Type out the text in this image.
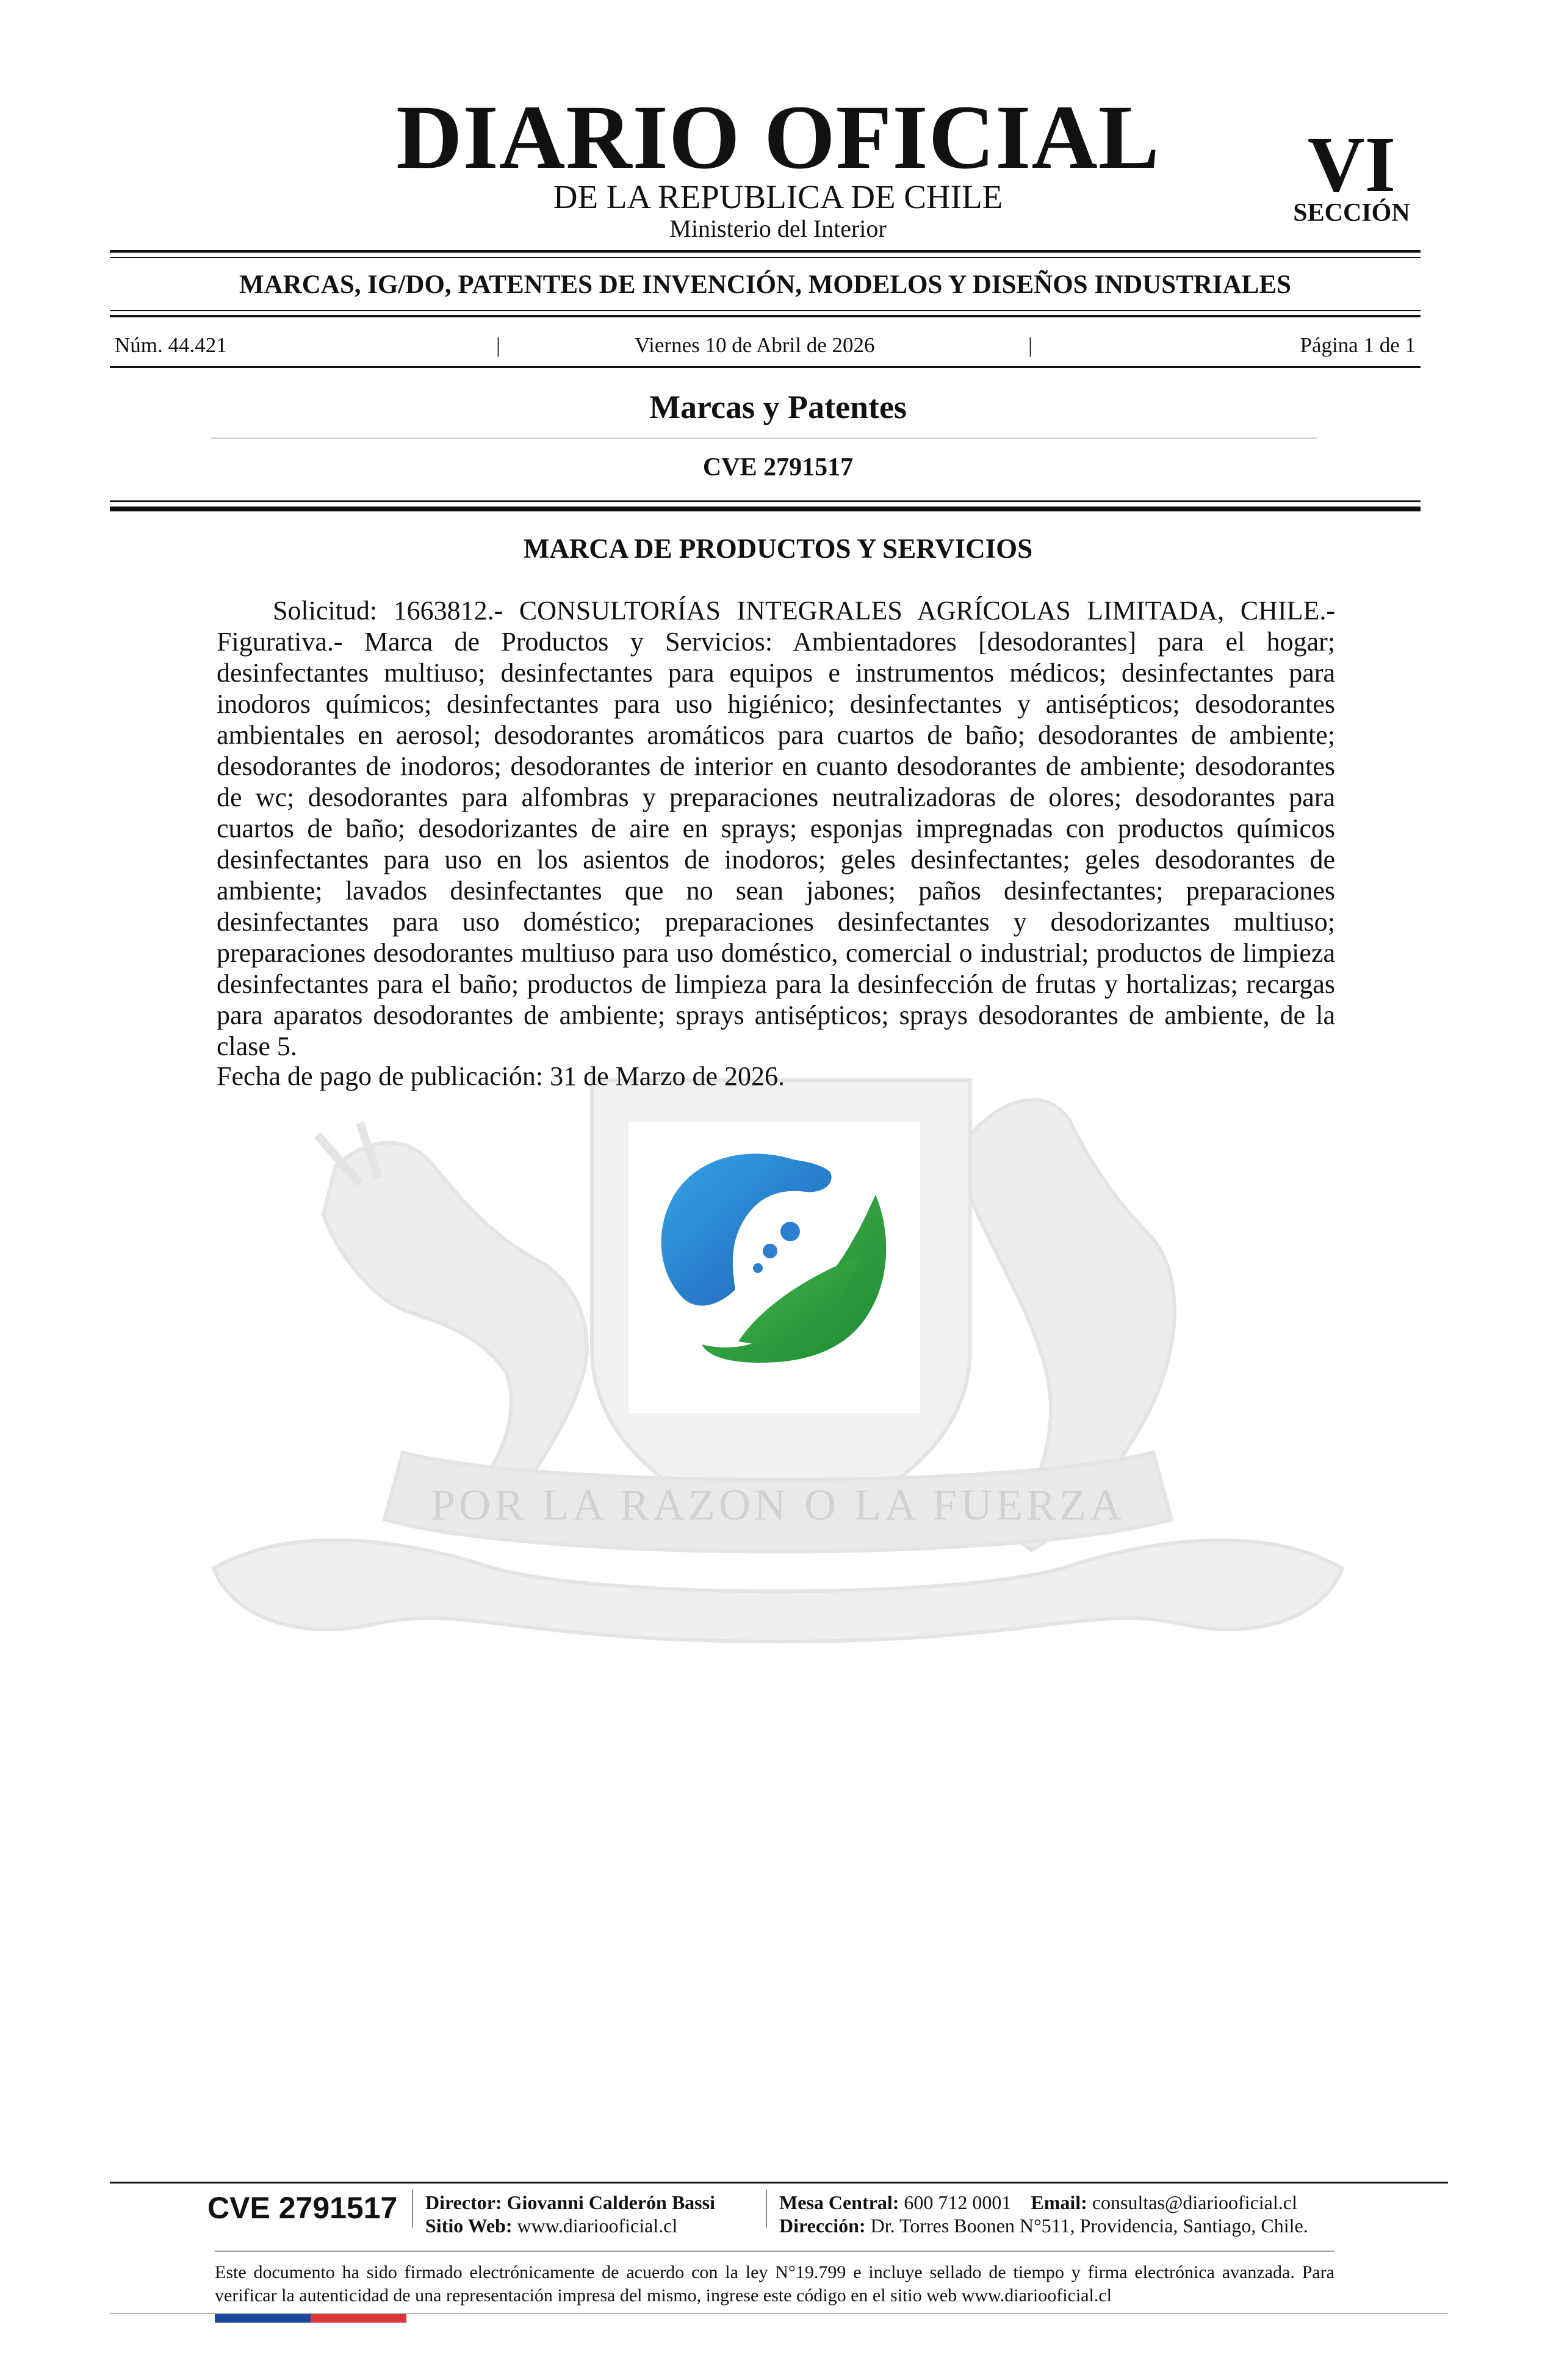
POR LA RAZON O LA FUERZA
DIARIO OFICIAL
DE LA REPUBLICA DE CHILE
Ministerio del Interior
VI
SECCIÓN
MARCAS, IG/DO, PATENTES DE INVENCIÓN, MODELOS Y DISEÑOS INDUSTRIALES
Núm. 44.421	|	Viernes 10 de Abril de 2026	|	Página 1 de 1
Marcas y Patentes
CVE 2791517
MARCA DE PRODUCTOS Y SERVICIOS
Solicitud: 1663812.- CONSULTORÍAS INTEGRALES AGRÍCOLAS LIMITADA, CHILE.- Figurativa.- Marca de Productos y Servicios: Ambientadores [desodorantes] para el hogar; desinfectantes multiuso; desinfectantes para equipos e instrumentos médicos; desinfectantes para inodoros químicos; desinfectantes para uso higiénico; desinfectantes y antisépticos; desodorantes ambientales en aerosol; desodorantes aromáticos para cuartos de baño; desodorantes de ambiente; desodorantes de inodoros; desodorantes de interior en cuanto desodorantes de ambiente; desodorantes de wc; desodorantes para alfombras y preparaciones neutralizadoras de olores; desodorantes para cuartos de baño; desodorizantes de aire en sprays; esponjas impregnadas con productos químicos desinfectantes para uso en los asientos de inodoros; geles desinfectantes; geles desodorantes de ambiente; lavados desinfectantes que no sean jabones; paños desinfectantes; preparaciones desinfectantes para uso doméstico; preparaciones desinfectantes y desodorizantes multiuso; preparaciones desodorantes multiuso para uso doméstico, comercial o industrial; productos de limpieza desinfectantes para el baño; productos de limpieza para la desinfección de frutas y hortalizas; recargas para aparatos desodorantes de ambiente; sprays antisépticos; sprays desodorantes de ambiente, de la clase 5.
Fecha de pago de publicación: 31 de Marzo de 2026.
CVE 2791517 Director: Giovanni Calderón Bassi
Sitio Web: www.diariooficial.cl
Mesa Central: 600 712 0001 Email: consultas@diariooficial.cl
Dirección: Dr. Torres Boonen N°511, Providencia, Santiago, Chile.
Este documento ha sido firmado electrónicamente de acuerdo con la ley N°19.799 e incluye sellado de tiempo y firma electrónica avanzada. Para verificar la autenticidad de una representación impresa del mismo, ingrese este código en el sitio web www.diariooficial.cl
